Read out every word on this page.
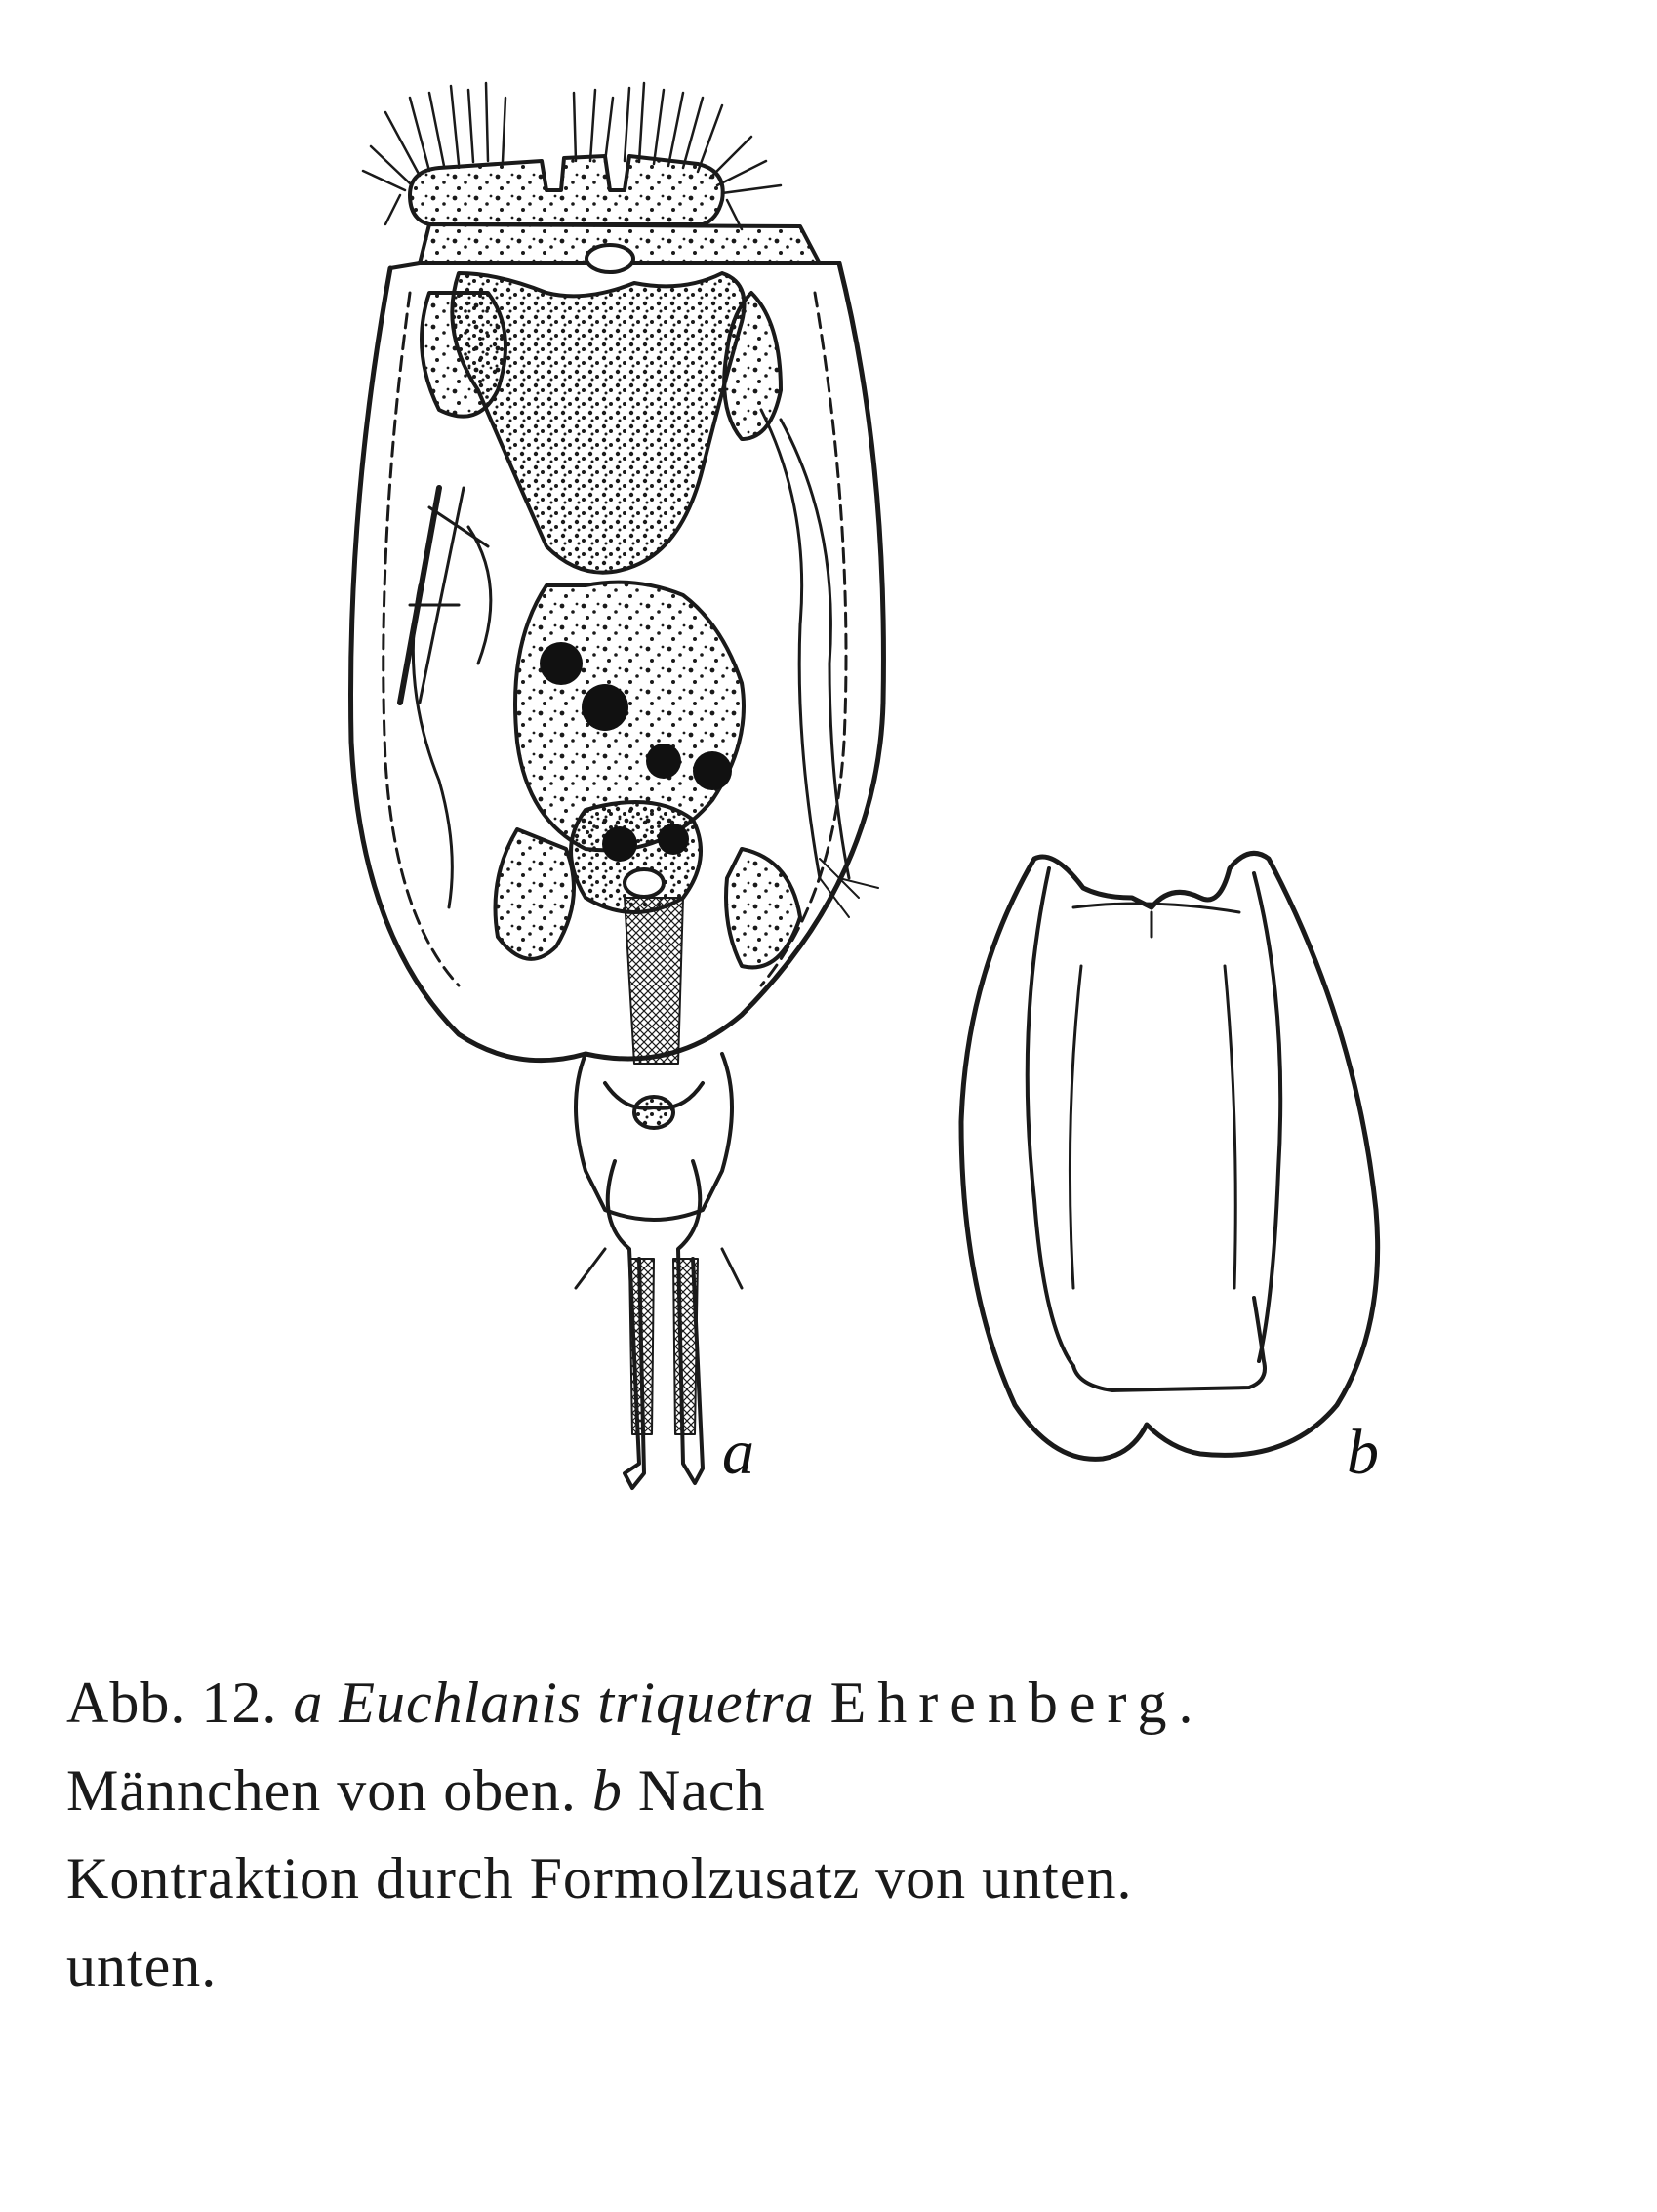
a	b
Abb. 12. a Euchlanis triquetra Ehrenberg.
Männchen von oben. b Nach
Kontraktion durch Formolzusatz von unten.
unten.
